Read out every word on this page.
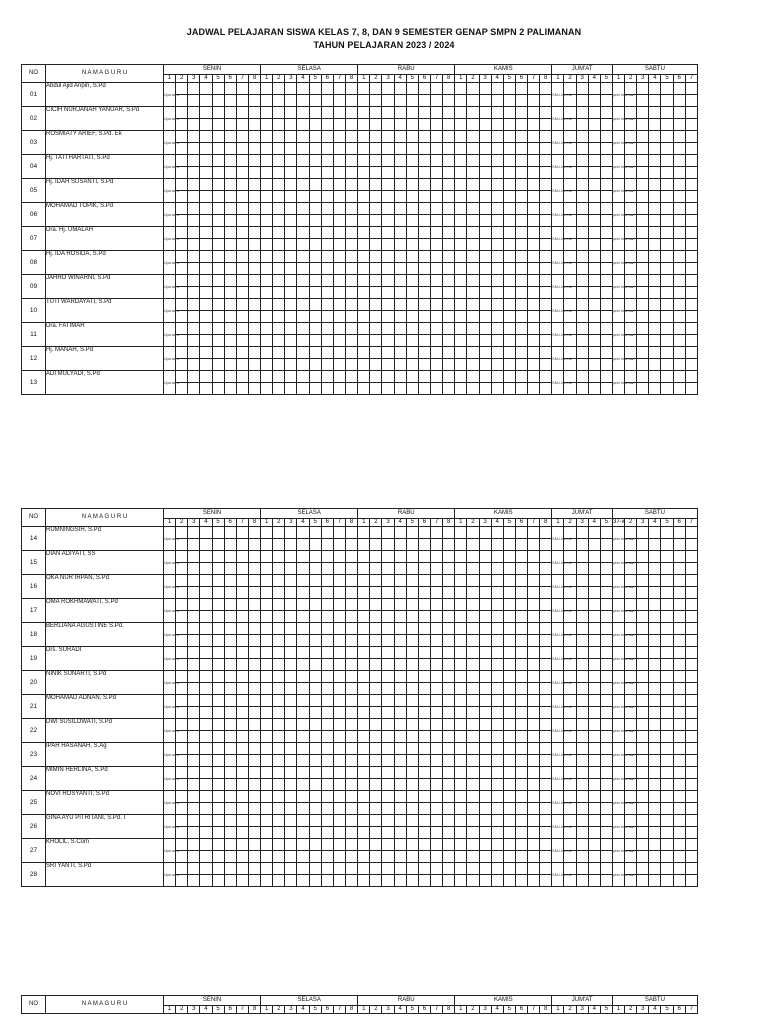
JADWAL PELAJARAN SISWA KELAS 7, 8, DAN 9 SEMESTER GENAP SMPN 2 PALIMANAN
TAHUN PELAJARAN 2023 / 2024
NO	N A M A G U R U	SENIN								SELASA								RABU								KAMIS								JUM'AT					SABTU						
		1	2	3	4	5	6	7	8	1	2	3	4	5	6	7	8	1	2	3	4	5	6	7	8	1	2	3	4	5	6	7	8	1	2	3	4	5	1	2	3	4	5	6	7
01	Abdul Ajid Aripin, S.Pd	Upa cara																																SKU Jum sh					pem bias aan						

02	CICIH NURJANAH YANUAR, S.Pd	Upa cara																																SKU Jum sh					pem bias aan						

03	ROSMIATY ARIEF, S.Pd. Ek	Upa cara																																SKU Jum sh					pem bias aan						

04	Hj. TATI HARTATI, S.Pd	Upa cara																																SKU Jum sh					pem bias aan						

05	Hj. IDAH SUSANTI, S.Pd	Upa cara																																SKU Jum sh					pem bias aan						

06	MOHAMAD TOPIK, S.Pd	Upa cara																																SKU Jum sh					pem bias aan						

07	Dra. Hj. UMALAH	Upa cara																																SKU Jum sh					pem bias aan						

08	Hj. IDA ROSIDA, S.Pd	Upa cara																																SKU Jum sh					pem bias aan						

09	JAHRO WINARNI, S.Pd	Upa cara																																SKU Jum sh					pem bias aan						

10	TUTI WARDAYATI, S.Pd	Upa cara																																SKU Jum sh					pem bias aan						

11	Dra. FATIMAH	Upa cara																																SKU Jum sh					pem bias aan						

12	Hj. MANAH, S.Pd	Upa cara																																SKU Jum sh					pem bias aan						

13	ADI MULYADI, S.Pd	Upa cara																																SKU Jum sh					pem bias aan						

NO	N A M A G U R U	SENIN								SELASA								RABU								KAMIS								JUM'AT					SABTU						
		1	2	3	4	5	6	7	8	1	2	3	4	5	6	7	8	1	2	3	4	5	6	7	8	1	2	3	4	5	6	7	8	1	2	3	4	5	37-x	2	3	4	5	6	7
14	RUMNINGSIH, S.Pd	Upa cara																																SKU Jum sh					pem bias aan						

15	DIAN ADIYATI, SS	Upa cara																																SKU Jum sh					pem bias aan						

16	OKA NUR IRPAN, S.Pd	Upa cara																																SKU Jum sh					pem bias aan						

17	OMA ROKHMAWATI, S.Pd	Upa cara																																SKU Jum sh					pem bias aan						

18	BERLIANA AGUSTINE S.Pd.	Upa cara																																SKU Jum sh					pem bias aan						

19	Drs. SURADI	Upa cara																																SKU Jum sh					pem bias aan						

20	NINIK SUNARTI, S.Pd	Upa cara																																SKU Jum sh					pem bias aan						

21	MOHAMAD ADNAN, S.Pd	Upa cara																																SKU Jum sh					pem bias aan						

22	DWI SUSILOWATI, S.Pd	Upa cara																																SKU Jum sh					pem bias aan						

23	IPAH HASANAH, S.Ag	Upa cara																																SKU Jum sh					pem bias aan						

24	MIMIN HERLINA, S.Pd	Upa cara																																SKU Jum sh					pem bias aan						

25	NOVI ROSYANTI, S.Pd	Upa cara																																SKU Jum sh					pem bias aan						

26	GINA AYU PITRITANI, S.Pd. I	Upa cara																																SKU Jum sh					pem bias aan						

27	KHOLIL, S.Com	Upa cara																																SKU Jum sh					pem bias aan						

28	SRI YANTI, S.Pd	Upa cara																																SKU Jum sh					pem bias aan						

NO	N A M A G U R U	SENIN								SELASA								RABU								KAMIS								JUM'AT					SABTU						
		1	2	3	4	5	6	7	8	1	2	3	4	5	6	7	8	1	2	3	4	5	6	7	8	1	2	3	4	5	6	7	8	1	2	3	4	5	1	2	3	4	5	6	7
